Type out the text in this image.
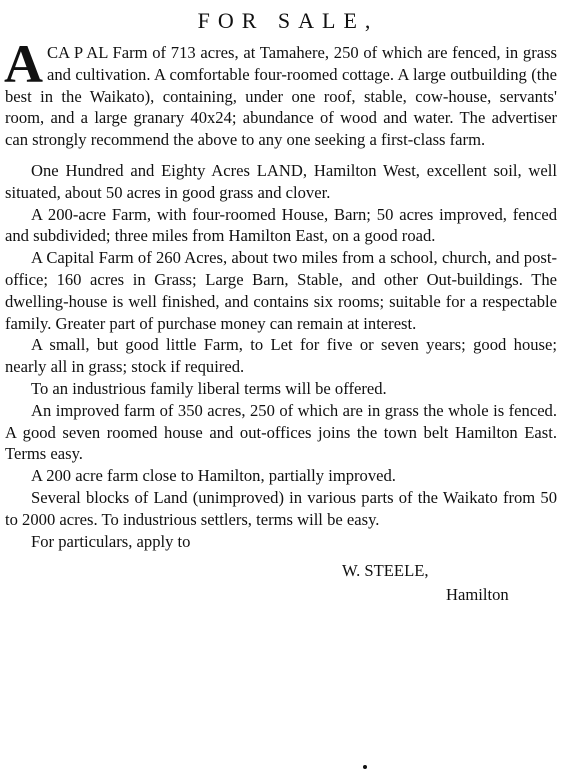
FOR SALE,

ACA P AL Farm of 713 acres, at Tamahere, 250 of which are fenced, in grass and cultivation. A comfortable four-roomed cottage. A large outbuilding (the best in the Waikato), containing, under one roof, stable, cow-house, servants' room, and a large granary 40x24; abundance of wood and water. The advertiser can strongly recommend the above to any one seeking a first-class farm.

One Hundred and Eighty Acres LAND, Hamilton West, excellent soil, well situated, about 50 acres in good grass and clover.

A 200-acre Farm, with four-roomed House, Barn; 50 acres improved, fenced and subdivided; three miles from Hamilton East, on a good road.

A Capital Farm of 260 Acres, about two miles from a school, church, and post-office; 160 acres in Grass; Large Barn, Stable, and other Out-buildings. The dwelling-house is well finished, and contains six rooms; suitable for a respectable family. Greater part of purchase money can remain at interest.

A small, but good little Farm, to Let for five or seven years; good house; nearly all in grass; stock if required.

To an industrious family liberal terms will be offered.

An improved farm of 350 acres, 250 of which are in grass the whole is fenced. A good seven roomed house and out-offices joins the town belt Hamilton East. Terms easy.

A 200 acre farm close to Hamilton, partially improved.

Several blocks of Land (unimproved) in various parts of the Waikato from 50 to 2000 acres. To industrious settlers, terms will be easy.

For particulars, apply to

W. STEELE,
Hamilton
